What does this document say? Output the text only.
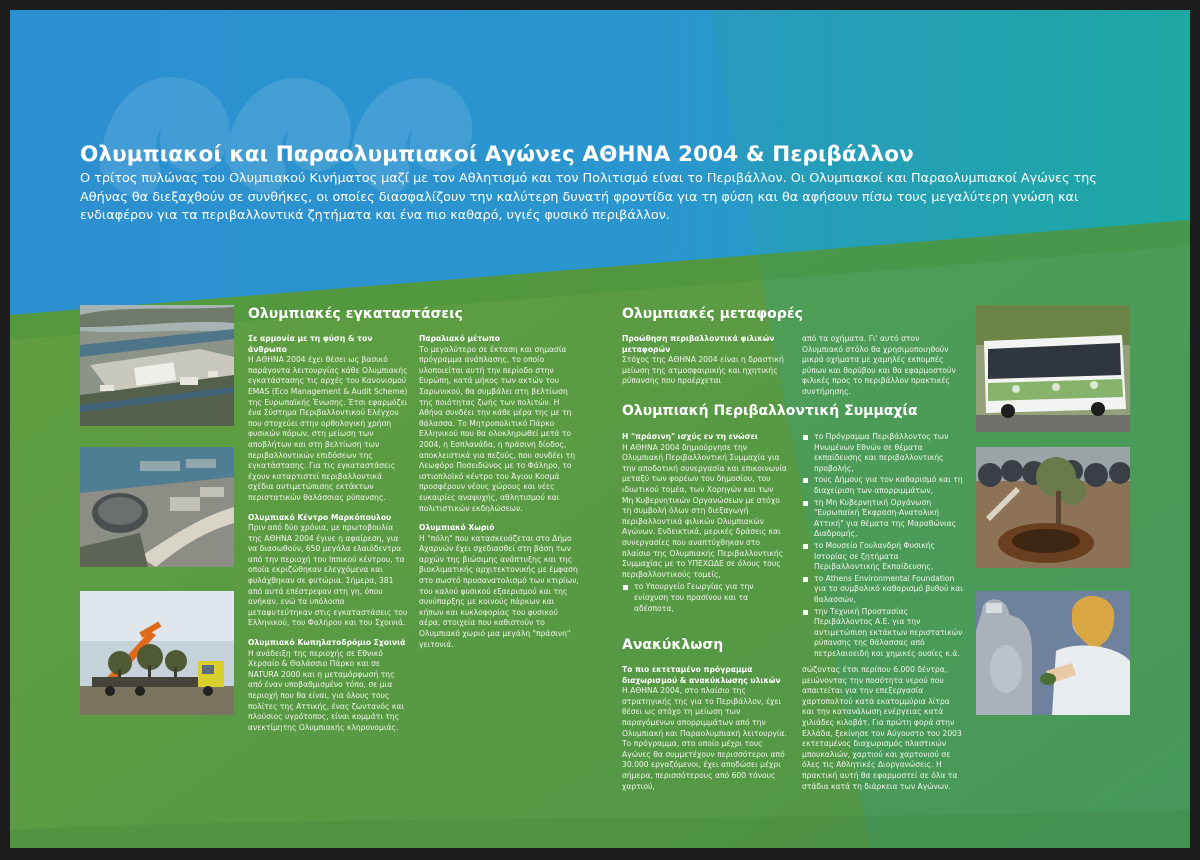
Ολυμπιακοί και Παραολυμπιακοί Αγώνες ΑΘΗΝΑ 2004 & Περιβάλλον

Ο τρίτος πυλώνας του Ολυμπιακού Κινήματος μαζί με τον Αθλητισμό και τον Πολιτισμό είναι το Περιβάλλον. Οι Ολυμπιακοί και Παραολυμπιακοί Αγώνες της Αθήνας θα διεξαχθούν σε συνθήκες, οι οποίες διασφαλίζουν την καλύτερη δυνατή φροντίδα για τη φύση και θα αφήσουν πίσω τους μεγαλύτερη γνώση και ενδιαφέρον για τα περιβαλλοντικά ζητήματα και ένα πιο καθαρό, υγιές φυσικό περιβάλλον.

Ολυμπιακές εγκαταστάσεις	Ολυμπιακές μεταφορές
Ολυμπιακή Περιβαλλοντική Συμμαχία
Ανακύκλωση

Σε αρμονία με τη φύση & τον άνθρωπο
Η ΑΘΗΝΑ 2004 έχει θέσει ως βασικό παράγοντα λειτουργίας κάθε Ολυμπιακής εγκατάστασης τις αρχές του Κανονισμού EMAS (Eco Management & Audit Scheme) της Ευρωπαϊκής Ένωσης. Έτσι εφαρμόζει ένα Σύστημα Περιβαλλοντικού Ελέγχου που στοχεύει στην ορθολογική χρήση φυσικών πόρων, στη μείωση των αποβλήτων και στη βελτίωση των περιβαλλοντικών επιδόσεων της εγκατάστασης. Για τις εγκαταστάσεις έχουν καταρτιστεί περιβαλλοντικά σχέδια αντιμετώπισης εκτάκτων περιστατικών θαλάσσιας ρύπανσης.

Ολυμπιακό Κέντρο Μαρκόπουλου
Πριν από δύο χρόνια, με πρωτοβουλία της ΑΘΗΝΑ 2004 έγινε η αφαίρεση, για να διασωθούν, 650 μεγάλα ελαιόδεντρα από την περιοχή του Ιππικού κέντρου, τα οποία εκριζώθηκαν ελεγχόμενα και φυλάχθηκαν σε φυτώρια. Σήμερα, 381 από αυτά επέστρεψαν στη γη, όπου ανήκαν, ενώ τα υπόλοιπα μεταφυτεύτηκαν στις εγκαταστάσεις του Ελληνικού, του Φαλήρου και του Σχοινιά.

Ολυμπιακό Κωπηλατοδρόμιο Σχοινιά
Η ανάδειξη της περιοχής σε Εθνικό Χερσαίο & Θαλάσσιο Πάρκο και σε NATURA 2000 και η μεταμόρφωσή της από έναν υποβαθμισμένο τόπο, σε μια περιοχή που θα είναι, για όλους τους πολίτες της Αττικής, ένας ζωντανός και πλούσιος υγρότοπος, είναι κομμάτι της ανεκτίμητης Ολυμπιακής κληρονομιάς.

Παραλιακό μέτωπο
Το μεγαλύτερο σε έκταση και σημασία πρόγραμμα ανάπλασης, το οποίο υλοποιείται αυτή την περίοδο στην Ευρώπη, κατά μήκος των ακτών του Σαρωνικού, θα συμβάλει στη βελτίωση της ποιότητας ζωής των πολιτών. Η Αθήνα συνδέει την κάθε μέρα της με τη θάλασσα. Το Μητροπολιτικό Πάρκο Ελληνικού που θα ολοκληρωθεί μετά το 2004, η Εσπλανάδα, η πράσινη δίοδος, αποκλειστικά για πεζούς, που συνδέει τη Λεωφόρο Ποσειδώνος με το Φάληρο, το ιστιοπλοϊκό κέντρο του Άγιου Κοσμά προσφέρουν νέους χώρους και νέες ευκαιρίες αναψυχής, αθλητισμού και πολιτιστικών εκδηλώσεων.

Ολυμπιακό Χωριό
Η "πόλη" που κατασκευάζεται στο Δήμο Αχαρνών έχει σχεδιασθεί στη βάση των αρχών της βιώσιμης ανάπτυξης και της βιοκλιματικής αρχιτεκτονικής με έμφαση στο σωστό προσανατολισμό των κτιρίων, του καλού φυσικού εξαερισμού και της συνύπαρξης με κοινούς πάρκων και κήπων και κυκλοφορίας του φυσικού αέρα, στοιχεία που καθιστούν το Ολυμπιακό χωριό μια μεγάλη "πράσινη" γειτονιά.

Προώθηση περιβαλλοντικά φιλικών μεταφορών
Στόχος της ΑΘΗΝΑ 2004 είναι η δραστική μείωση της ατμοσφαιρικής και ηχητικής ρύπανσης που προέρχεται

από τα οχήματα. Γι' αυτό στον Ολυμπιακό στόλο θα χρησιμοποιηθούν μικρά οχήματα με χαμηλές εκπομπές ρύπων και θορύβου και θα εφαρμοστούν φιλικές προς το περιβάλλον πρακτικές συντήρησης.

Η "πράσινη" ισχύς εν τη ενώσει
Η ΑΘΗΝΑ 2004 δημιούργησε την Ολυμπιακή Περιβαλλοντική Συμμαχία για την αποδοτική συνεργασία και επικοινωνία μεταξύ των φορέων του δημοσίου, του ιδιωτικού τομέα, των Χορηγών και των Μη Κυβερνητικών Οργανώσεων με στόχο τη συμβολή όλων στη διεξαγωγή περιβαλλοντικά φιλικών Ολυμπιακών Αγώνων. Ενδεικτικά, μερικές δράσεις και συνεργασίες που αναπτύχθηκαν στο πλαίσιο της Ολυμπιακής Περιβαλλοντικής Συμμαχίας με το ΥΠΕΧΩΔΕ σε όλους τους περιβαλλοντικούς τομείς,

το Υπουργείο Γεωργίας για την ενίσχυση του πρασίνου και τα αδέσποτα,
το Πρόγραμμα Περιβάλλοντος των Ηνωμένων Εθνών σε θέματα εκπαίδευσης και περιβαλλοντικής προβολής,
τους Δήμους για τον καθαρισμό και τη διαχείριση των απορριμμάτων,
τη Μη Κυβερνητική Οργάνωση "Ευρωπαϊκή Έκφραση-Ανατολική Αττική" για θέματα της Μαραθώνιας Διαδρομής,
το Μουσείο Γουλανδρή Φυσικής Ιστορίας σε ζητήματα Περιβαλλοντικής Εκπαίδευσης,
το Athens Environmental Foundation για το συμβολικό καθαρισμό βυθού και θαλασσών,
την Τεχνική Προστασίας Περιβάλλοντος Α.Ε. για την αντιμετώπιση εκτάκτων περιστατικών ρύπανσης της θάλασσας από πετρελαιοειδή και χημικές ουσίες κ.ά.

Το πιο εκτεταμένο πρόγραμμα διαχωρισμού & ανακύκλωσης υλικών
Η ΑΘΗΝΑ 2004, στο πλαίσιο της στρατηγικής της για το Περιβάλλον, έχει θέσει ως στόχο τη μείωση των παραγόμενων απορριμμάτων από την Ολυμπιακή και Παραολυμπιακή λειτουργία. Το πρόγραμμα, στο οποίο μέχρι τους Αγώνες θα συμμετέχουν περισσότεροι από 30.000 εργαζόμενοι, έχει αποδώσει μέχρι σήμερα, περισσότερους από 600 τόνους χαρτιού,

σώζοντας έτσι περίπου 6.000 δέντρα, μειώνοντας την ποσότητα νερού που απαιτείται για την επεξεργασία χαρτοπολτού κατά εκατομμύρια λίτρα και την κατανάλωση ενέργειας κατά χιλιάδες κιλοβάτ. Για πρώτη φορά στην Ελλάδα, ξεκίνησε τον Αύγουστο του 2003 εκτεταμένος διαχωρισμός πλαστικών μπουκαλιών, χαρτιού και χαρτονιού σε όλες τις Αθλητικές Διοργανώσεις. Η πρακτική αυτή θα εφαρμοστεί σε όλα τα στάδια κατά τη διάρκεια των Αγώνων.
